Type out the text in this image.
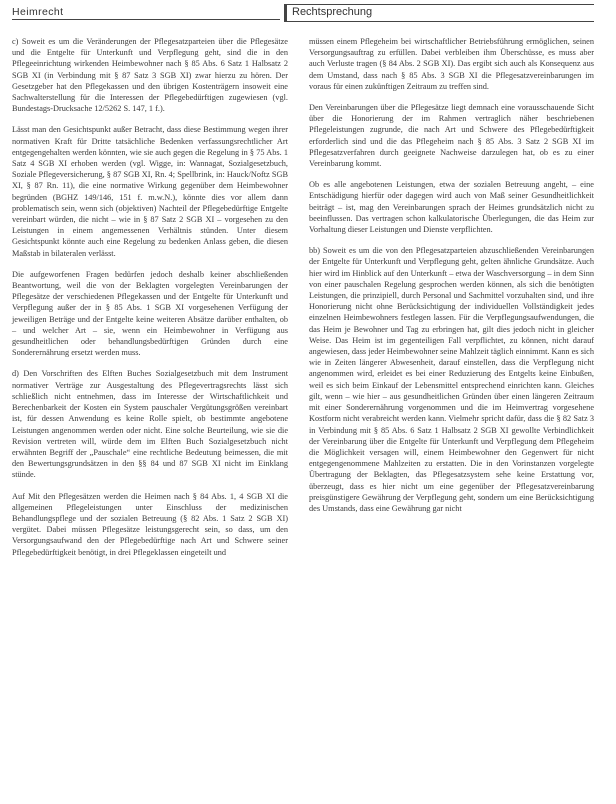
Heimrecht	Rechtsprechung

c) Soweit es um die Veränderungen der Pflegesatzparteien über die Pflegesätze und die Entgelte für Unterkunft und Verpflegung geht, sind die in den Pflegeeinrichtung wirkenden Heimbewohner nach § 85 Abs. 6 Satz 1 Halbsatz 2 SGB XI (in Verbindung mit § 87 Satz 3 SGB XI) zwar hierzu zu hören. Der Gesetzgeber hat den Pflegekassen und den übrigen Kostenträgern insoweit eine Sachwalterstellung für die Interessen der Pflegebedürftigen zugewiesen (vgl. Bundestags-Drucksache 12/5262 S. 147, 1 f.).

Lässt man den Gesichtspunkt außer Betracht, dass diese Bestimmung wegen ihrer normativen Kraft für Dritte tatsächliche Bedenken verfassungsrechtlicher Art entgegengehalten werden könnten, wie sie auch gegen die Regelung in § 75 Abs. 1 Satz 4 SGB XI erhoben werden (vgl. Wigge, in: Wannagat, Sozialgesetzbuch, Soziale Pflegeversicherung, § 87 SGB XI, Rn. 4; Spellbrink, in: Hauck/Noftz SGB XI, § 87 Rn. 11), die eine normative Wirkung gegenüber dem Heimbewohner begründen (BGHZ 149/146, 151 f. m.w.N.), könnte dies vor allem dann problematisch sein, wenn sich (objektiven) Nachteil der Pflegebedürftige Entgelte vereinbart würden, die nicht – wie in § 87 Satz 2 SGB XI – vorgesehen zu den Leistungen in einem angemessenen Verhältnis stünden. Unter diesem Gesichtspunkt könnte auch eine Regelung zu bedenken Anlass geben, die diesen Maßstab in bilateralen verlässt.

Die aufgeworfenen Fragen bedürfen jedoch deshalb keiner abschließenden Beantwortung, weil die von der Beklagten vorgelegten Vereinbarungen der Pflegesätze der verschiedenen Pflegekassen und der Entgelte für Unterkunft und Verpflegung außer der in § 85 Abs. 1 SGB XI vorgesehenen Verfügung der jeweiligen Beträge und der Entgelte keine weiteren Absätze darüber enthalten, ob – und welcher Art – sie, wenn ein Heimbewohner in Verfügung aus gesundheitlichen oder behandlungsbedürftigen Gründen durch eine Sonderernährung ersetzt werden muss.

d) Den Vorschriften des Elften Buches Sozialgesetzbuch mit dem Instrument normativer Verträge zur Ausgestaltung des Pflegevertragsrechts lässt sich schließlich nicht entnehmen, dass im Interesse der Wirtschaftlichkeit und Berechenbarkeit der Kosten ein System pauschaler Vergütungsgrößen vereinbart ist, für dessen Anwendung es keine Rolle spielt, ob bestimmte angebotene Leistungen angenommen werden oder nicht. Eine solche Beurteilung, wie sie die Revision vertreten will, würde dem im Elften Buch Sozialgesetzbuch nicht erwähnten Begriff der „Pauschale“ eine rechtliche Bedeutung beimessen, die mit den Bewertungsgrundsätzen in den §§ 84 und 87 SGB XI nicht im Einklang stünde.

Auf Mit den Pflegesätzen werden die Heimen nach § 84 Abs. 1, 4 SGB XI die allgemeinen Pflegeleistungen unter Einschluss der medizinischen Behandlungspflege und der sozialen Betreuung (§ 82 Abs. 1 Satz 2 SGB XI) vergütet. Dabei müssen Pflegesätze leistungsgerecht sein, so dass, um den Versorgungsaufwand den der Pflegebedürftige nach Art und Schwere seiner Pflegebedürftigkeit benötigt, in drei Pflegeklassen eingeteilt und

müssen einem Pflegeheim bei wirtschaftlicher Betriebsführung ermöglichen, seinen Versorgungsauftrag zu erfüllen. Dabei verbleiben ihm Überschüsse, es muss aber auch Verluste tragen (§ 84 Abs. 2 SGB XI). Das ergibt sich auch als Konsequenz aus dem Umstand, dass nach § 85 Abs. 3 SGB XI die Pflegesatzvereinbarungen im voraus für einen zukünftigen Zeitraum zu treffen sind.

Den Vereinbarungen über die Pflegesätze liegt demnach eine vorausschauende Sicht über die Honorierung der im Rahmen vertraglich näher beschriebenen Pflegeleistungen zugrunde, die nach Art und Schwere des Pflegebedürftigkeit erforderlich sind und die das Pflegeheim nach § 85 Abs. 3 Satz 2 SGB XI im Pflegesatzverfahren durch geeignete Nachweise darzulegen hat, ob es zu einer Vereinbarung kommt.

Ob es alle angebotenen Leistungen, etwa der sozialen Betreuung angeht, – eine Entschädigung hierfür oder dagegen wird auch von Maß seiner Gesundheitlichkeit beiträgt – ist, mag den Vereinbarungen sprach der Heimes grundsätzlich nicht zu beeinflussen. Das vertragen schon kalkulatorische Überlegungen, die das Heim zur Vorhaltung dieser Leistungen und Dienste verpflichten.

bb) Soweit es um die von den Pflegesatzparteien abzuschließenden Vereinbarungen der Entgelte für Unterkunft und Verpflegung geht, gelten ähnliche Grundsätze. Auch hier wird im Hinblick auf den Unterkunft – etwa der Waschversorgung – in dem Sinn von einer pauschalen Regelung gesprochen werden können, als sich die benötigten Leistungen, die prinzipiell, durch Personal und Sachmittel vorzuhalten sind, und ihre Honorierung nicht ohne Berücksichtigung der individuellen Vollständigkeit jedes einzelnen Heimbewohners festlegen lassen. Für die Verpflegungsaufwendungen, die das Heim je Bewohner und Tag zu erbringen hat, gilt dies jedoch nicht in gleicher Weise. Das Heim ist im gegenteiligen Fall verpflichtet, zu können, nicht darauf angewiesen, dass jeder Heimbewohner seine Mahlzeit täglich einnimmt. Kann es sich wie in Zeiten längerer Abwesenheit, darauf einstellen, dass die Verpflegung nicht angenommen wird, erleidet es bei einer Reduzierung des Entgelts keine Einbußen, weil es sich beim Einkauf der Lebensmittel entsprechend einrichten kann. Gleiches gilt, wenn – wie hier – aus gesundheitlichen Gründen über einen längeren Zeitraum mit einer Sonderernährung vorgenommen und die im Heimvertrag vorgesehene Kostform nicht verabreicht werden kann. Vielmehr spricht dafür, dass die § 82 Satz 3 in Verbindung mit § 85 Abs. 6 Satz 1 Halbsatz 2 SGB XI gewollte Verbindlichkeit der Vereinbarung über die Entgelte für Unterkunft und Verpflegung dem Pflegeheim die Möglichkeit versagen will, einem Heimbewohner den Gegenwert für nicht entgegengenommene Mahlzeiten zu erstatten. Die in den Vorinstanzen vorgelegte Übertragung der Beklagten, das Pflegesatzsystem sehe keine Erstattung vor, überzeugt, dass es hier nicht um eine gegenüber der Pflegesatzvereinbarung preisgünstigere Gewährung der Verpflegung geht, sondern um eine Berücksichtigung des Umstands, dass eine Gewährung gar nicht
